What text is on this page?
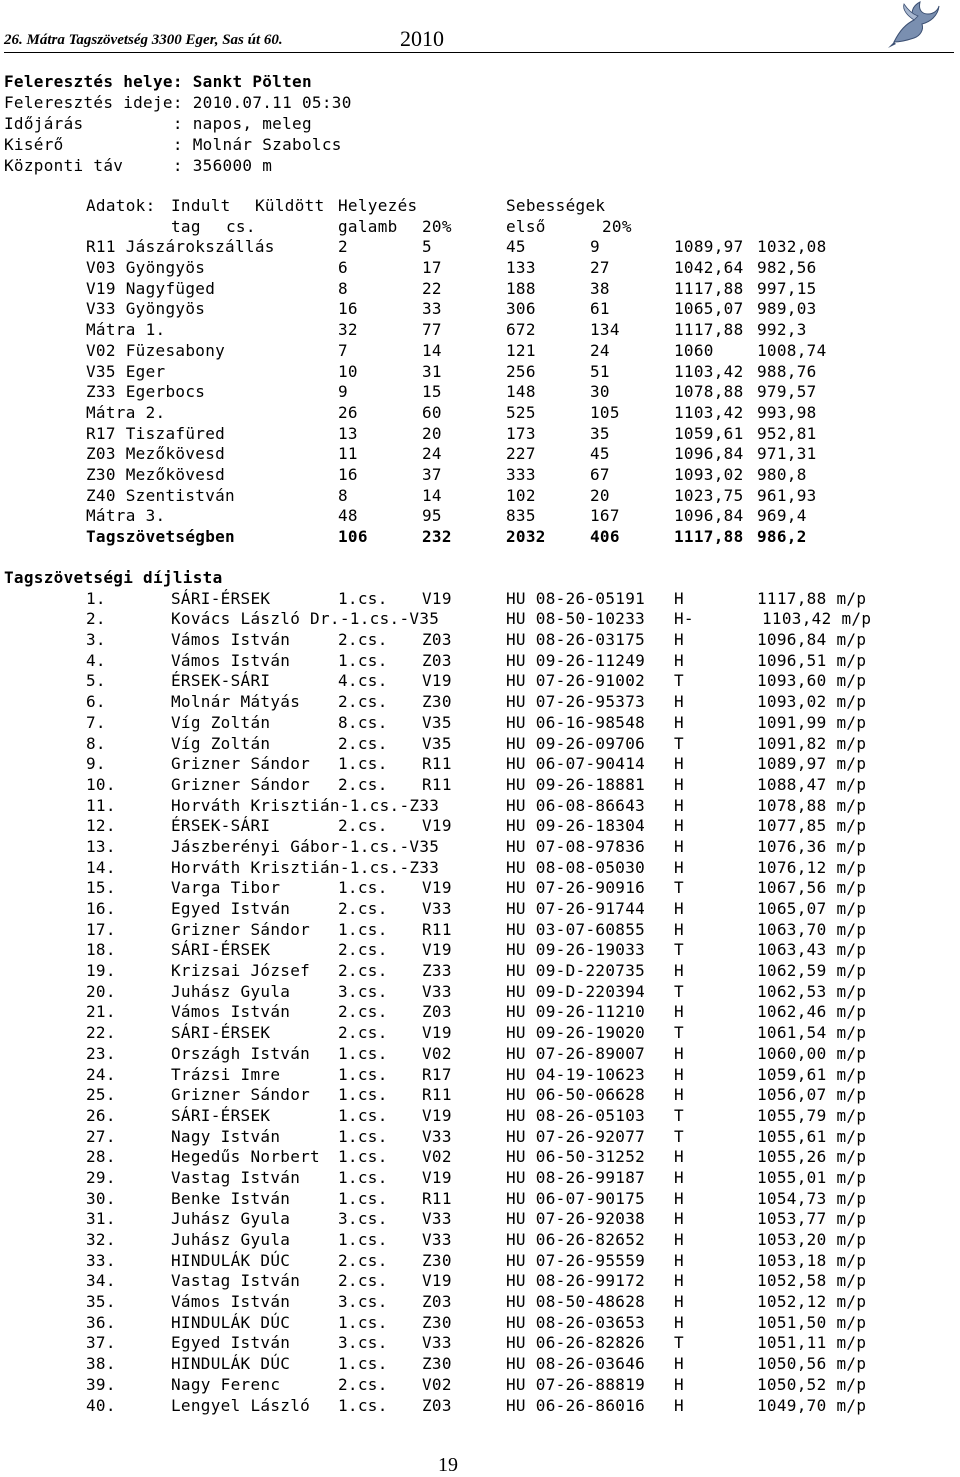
26. Mátra Tagszövetség 3300 Eger, Sas út 60.	2010
Feleresztés helye: Sankt Pölten
Feleresztés ideje: 2010.07.11 05:30
Időjárás         : napos, meleg
Kisérő           : Molnár Szabolcs
Központi táv     : 356000 m
Adatok: Indult Küldött Helyezés	Sebességek
tag cs.	galamb 20%	első	20%
R11 Jászárokszállás	2	5	45	9	1089,97 1032,08
V03 Gyöngyös	6	17	133	27	1042,64 982,56
V19 Nagyfüged	8	22	188	38	1117,88 997,15
V33 Gyöngyös	16	33	306	61	1065,07 989,03
Mátra 1.	32	77	672	134	1117,88 992,3
V02 Füzesabony	7	14	121	24	1060	1008,74
V35 Eger	10	31	256	51	1103,42 988,76
Z33 Egerbocs	9	15	148	30	1078,88 979,57
Mátra 2.	26	60	525	105	1103,42 993,98
R17 Tiszafüred	13	20	173	35	1059,61 952,81
Z03 Mezőkövesd	11	24	227	45	1096,84 971,31
Z30 Mezőkövesd	16	37	333	67	1093,02 980,8
Z40 Szentistván	8	14	102	20	1023,75 961,93
Mátra 3.	48	95	835	167	1096,84 969,4
Tagszövetségben	106	232	2032	406	1117,88 986,2
Tagszövetségi díjlista
1.	SÁRI-ÉRSEK	1.cs. V19	HU 08-26-05191 H	1117,88 m/p
2.	Kovács László Dr.-1.cs.-V35	HU 08-50-10233 H-	1103,42 m/p
3.	Vámos István	2.cs. Z03	HU 08-26-03175 H	1096,84 m/p
4.	Vámos István	1.cs. Z03	HU 09-26-11249 H	1096,51 m/p
5.	ÉRSEK-SÁRI	4.cs. V19	HU 07-26-91002 T	1093,60 m/p
6.	Molnár Mátyás 2.cs. Z30	HU 07-26-95373 H	1093,02 m/p
7.	Víg Zoltán	8.cs. V35	HU 06-16-98548 H	1091,99 m/p
8.	Víg Zoltán	2.cs. V35	HU 09-26-09706 T	1091,82 m/p
9.	Grizner Sándor 1.cs. R11	HU 06-07-90414 H	1089,97 m/p
10.	Grizner Sándor 2.cs. R11	HU 09-26-18881 H	1088,47 m/p
11.	Horváth Krisztián-1.cs.-Z33	HU 06-08-86643 H	1078,88 m/p
12.	ÉRSEK-SÁRI	2.cs. V19	HU 09-26-18304 H	1077,85 m/p
13.	Jászberényi Gábor-1.cs.-V35	HU 07-08-97836 H	1076,36 m/p
14.	Horváth Krisztián-1.cs.-Z33	HU 08-08-05030 H	1076,12 m/p
15.	Varga Tibor	1.cs. V19	HU 07-26-90916 T	1067,56 m/p
16.	Egyed István	2.cs. V33	HU 07-26-91744 H	1065,07 m/p
17.	Grizner Sándor 1.cs. R11	HU 03-07-60855 H	1063,70 m/p
18.	SÁRI-ÉRSEK	2.cs. V19	HU 09-26-19033 T	1063,43 m/p
19.	Krizsai József 2.cs. Z33	HU 09-D-220735 H	1062,59 m/p
20.	Juhász Gyula	3.cs. V33	HU 09-D-220394 T	1062,53 m/p
21.	Vámos István	2.cs. Z03	HU 09-26-11210 H	1062,46 m/p
22.	SÁRI-ÉRSEK	2.cs. V19	HU 09-26-19020 T	1061,54 m/p
23.	Országh István 1.cs. V02	HU 07-26-89007 H	1060,00 m/p
24.	Trázsi Imre	1.cs. R17	HU 04-19-10623 H	1059,61 m/p
25.	Grizner Sándor 1.cs. R11	HU 06-50-06628 H	1056,07 m/p
26.	SÁRI-ÉRSEK	1.cs. V19	HU 08-26-05103 T	1055,79 m/p
27.	Nagy István	1.cs. V33	HU 07-26-92077 T	1055,61 m/p
28.	Hegedűs Norbert 1.cs. V02	HU 06-50-31252 H	1055,26 m/p
29.	Vastag István 1.cs. V19	HU 08-26-99187 H	1055,01 m/p
30.	Benke István	1.cs. R11	HU 06-07-90175 H	1054,73 m/p
31.	Juhász Gyula	3.cs. V33	HU 07-26-92038 H	1053,77 m/p
32.	Juhász Gyula	1.cs. V33	HU 06-26-82652 H	1053,20 m/p
33.	HINDULÁK DÚC	2.cs. Z30	HU 07-26-95559 H	1053,18 m/p
34.	Vastag István 2.cs. V19	HU 08-26-99172 H	1052,58 m/p
35.	Vámos István	3.cs. Z03	HU 08-50-48628 H	1052,12 m/p
36.	HINDULÁK DÚC	1.cs. Z30	HU 08-26-03653 H	1051,50 m/p
37.	Egyed István	3.cs. V33	HU 06-26-82826 T	1051,11 m/p
38.	HINDULÁK DÚC	1.cs. Z30	HU 08-26-03646 H	1050,56 m/p
39.	Nagy Ferenc	2.cs. V02	HU 07-26-88819 H	1050,52 m/p
40.	Lengyel László 1.cs. Z03	HU 06-26-86016 H	1049,70 m/p
19
